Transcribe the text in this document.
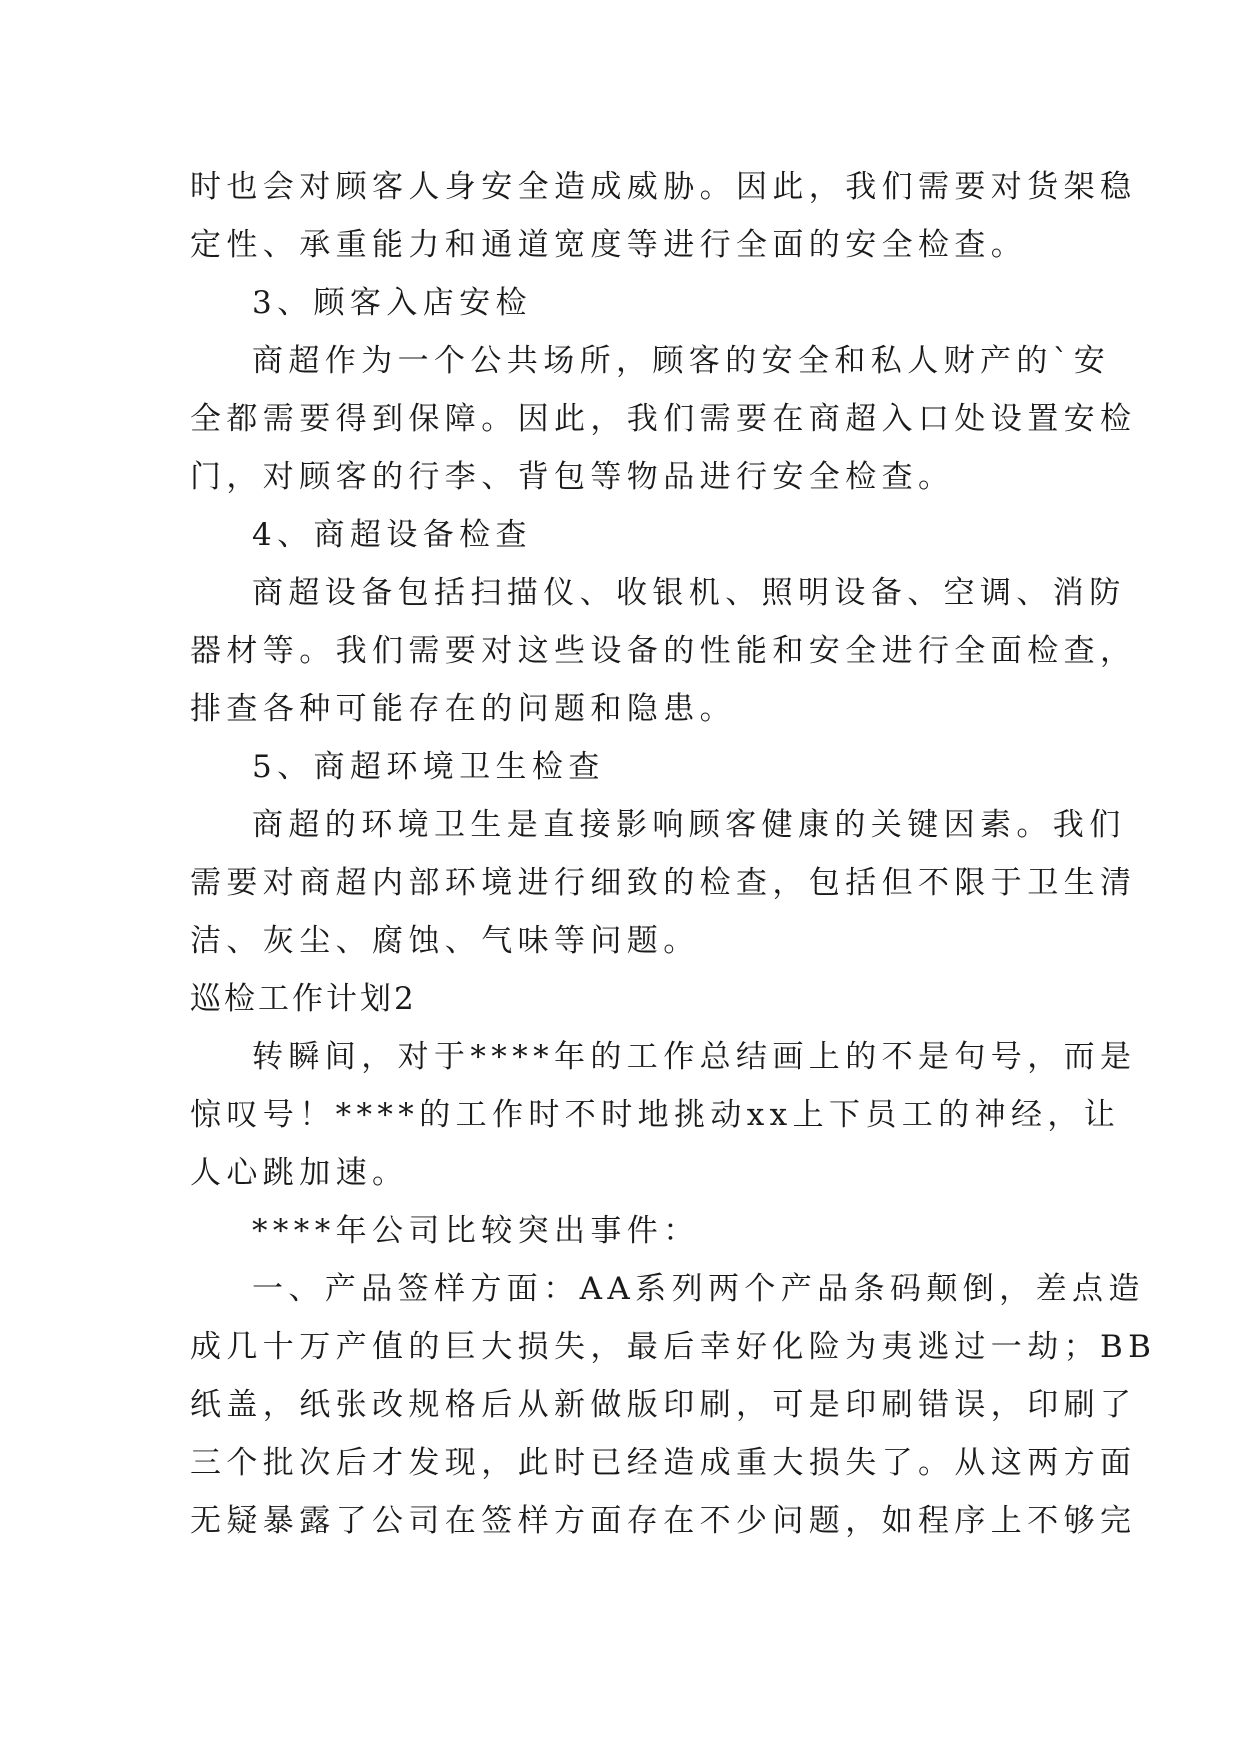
时也会对顾客人身安全造成威胁。因此，我们需要对货架稳
定性、承重能力和通道宽度等进行全面的安全检查。
3、顾客入店安检
商超作为一个公共场所，顾客的安全和私人财产的`安
全都需要得到保障。因此，我们需要在商超入口处设置安检
门，对顾客的行李、背包等物品进行安全检查。
4、商超设备检查
商超设备包括扫描仪、收银机、照明设备、空调、消防
器材等。我们需要对这些设备的性能和安全进行全面检查，
排查各种可能存在的问题和隐患。
5、商超环境卫生检查
商超的环境卫生是直接影响顾客健康的关键因素。我们
需要对商超内部环境进行细致的检查，包括但不限于卫生清
洁、灰尘、腐蚀、气味等问题。
巡检工作计划2
转瞬间，对于****年的工作总结画上的不是句号，而是
惊叹号！****的工作时不时地挑动xx上下员工的神经，让
人心跳加速。
****年公司比较突出事件：
一、产品签样方面：AA系列两个产品条码颠倒，差点造
成几十万产值的巨大损失，最后幸好化险为夷逃过一劫；BB
纸盖，纸张改规格后从新做版印刷，可是印刷错误，印刷了
三个批次后才发现，此时已经造成重大损失了。从这两方面
无疑暴露了公司在签样方面存在不少问题，如程序上不够完
